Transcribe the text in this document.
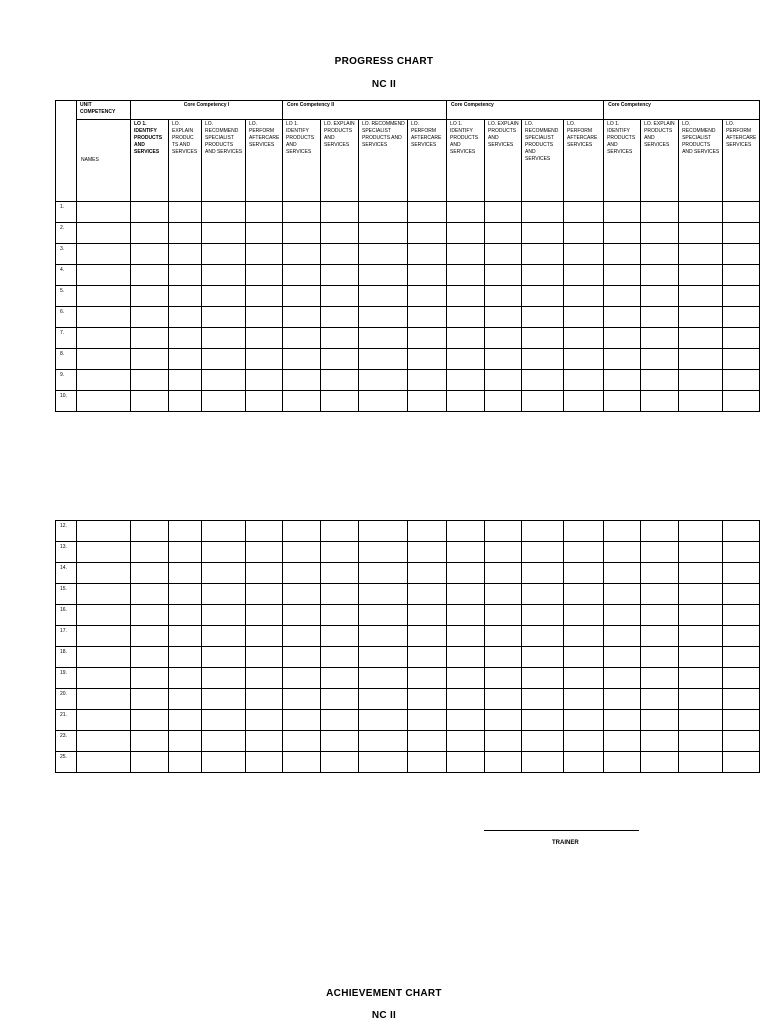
PROGRESS CHART
NC II
	UNIT COMPETENCY	Core Competency I				Core Competency II				Core Competency				Core Competency			
	NAMES	LO 1. IDENTIFY PRODUCTS AND SERVICES	LO. EXPLAIN PRODUC TS AND SERVICES	LO. RECOMMEND SPECIALIST PRODUCTS AND SERVICES	LO. PERFORM AFTERCARE SERVICES	LO 1. IDENTIFY PRODUCTS AND SERVICES	LO. EXPLAIN PRODUCTS AND SERVICES	LO. RECOMMEND SPECIALIST PRODUCTS AND SERVICES	LO. PERFORM AFTERCARE SERVICES	LO 1. IDENTIFY PRODUCTS AND SERVICES	LO. EXPLAIN PRODUCTS AND SERVICES	LO. RECOMMEND SPECIALIST PRODUCTS AND SERVICES	LO. PERFORM AFTERCARE SERVICES	LO 1. IDENTIFY PRODUCTS AND SERVICES	LO. EXPLAIN PRODUCTS AND SERVICES	LO. RECOMMEND SPECIALIST PRODUCTS AND SERVICES	LO. PERFORM AFTERCARE SERVICES
1.																	
2.																	
3.																	
4.																	
5.																	
6.																	
7.																	
8.																	
9.																	
10.																	
12.																	
13.																	
14.																	
15.																	
16.																	
17.																	
18.																	
19.																	
20.																	
21.																	
23.																	
25.																	
TRAINER
ACHIEVEMENT CHART
NC II
